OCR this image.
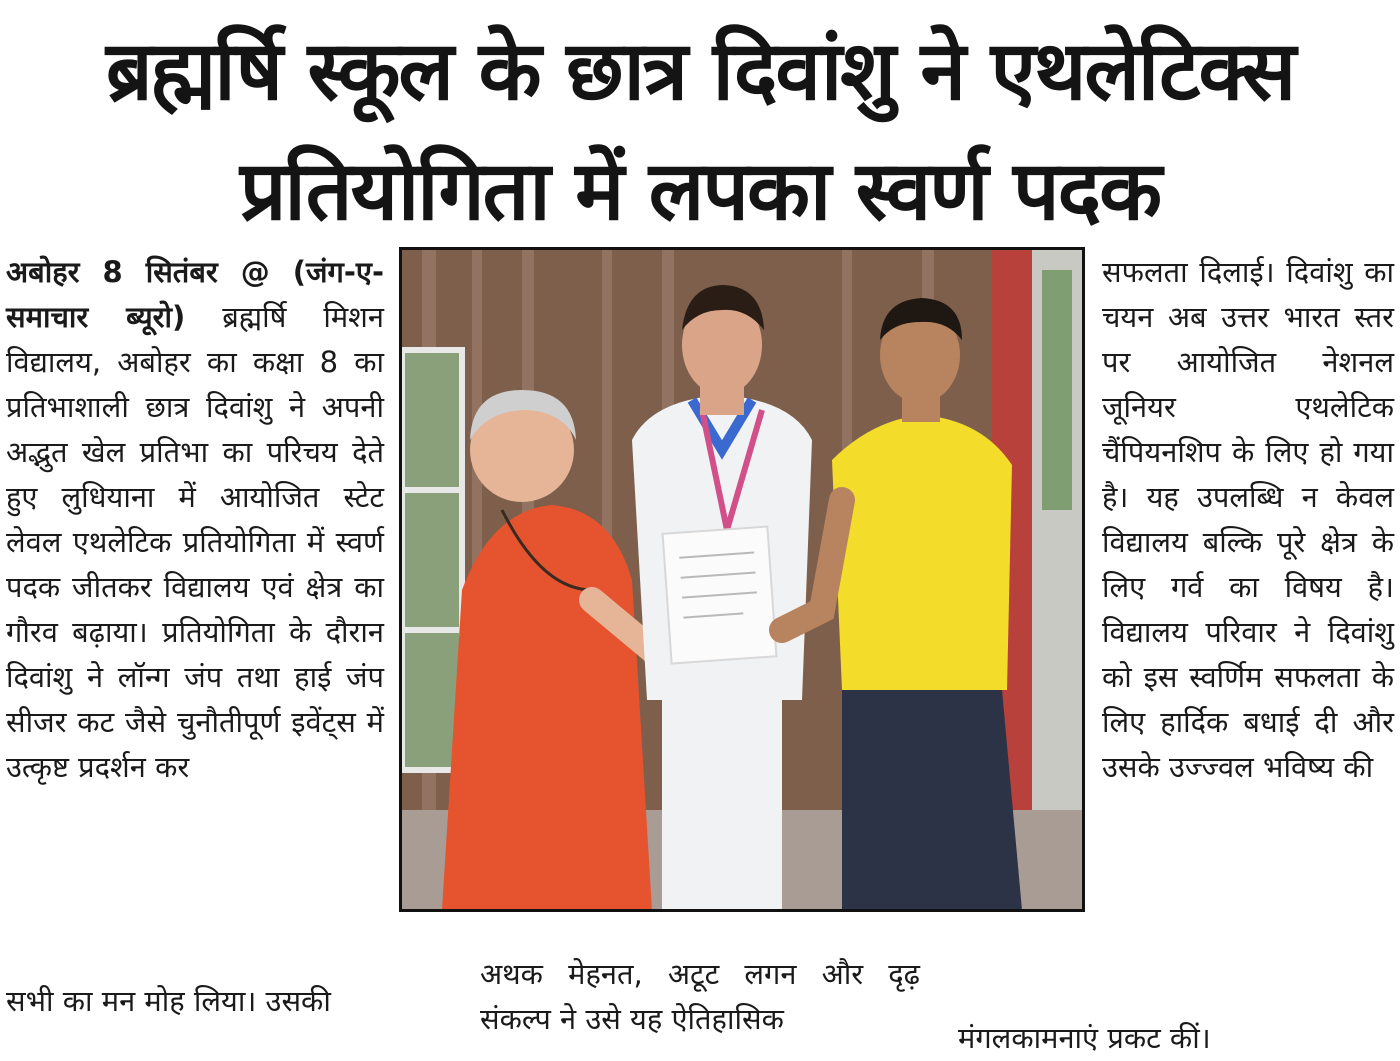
ब्रह्मर्षि स्कूल के छात्र दिवांशु ने एथलेटिक्स
प्रतियोगिता में लपका स्वर्ण पदक
अबोहर 8 सितंबर @ (जंग-ए-समाचार ब्यूरो) ब्रह्मर्षि मिशन विद्यालय, अबोहर का कक्षा 8 का प्रतिभाशाली छात्र दिवांशु ने अपनी अद्भुत खेल प्रतिभा का परिचय देते हुए लुधियाना में आयोजित स्टेट लेवल एथलेटिक प्रतियोगिता में स्वर्ण पदक जीतकर विद्यालय एवं क्षेत्र का गौरव बढ़ाया। प्रतियोगिता के दौरान दिवांशु ने लॉन्ग जंप तथा हाई जंप सीजर कट जैसे चुनौतीपूर्ण इवेंट्स में उत्कृष्ट प्रदर्शन कर
सभी का मन मोह लिया। उसकी
अथक मेहनत, अटूट लगन और दृढ़ संकल्प ने उसे यह ऐतिहासिक
सफलता दिलाई। दिवांशु का चयन अब उत्तर भारत स्तर पर आयोजित नेशनल जूनियर एथलेटिक चैंपियनशिप के लिए हो गया है। यह उपलब्धि न केवल विद्यालय बल्कि पूरे क्षेत्र के लिए गर्व का विषय है। विद्यालय परिवार ने दिवांशु को इस स्वर्णिम सफलता के लिए हार्दिक बधाई दी और उसके उज्ज्वल भविष्य की
मंगलकामनाएं प्रकट कीं।
